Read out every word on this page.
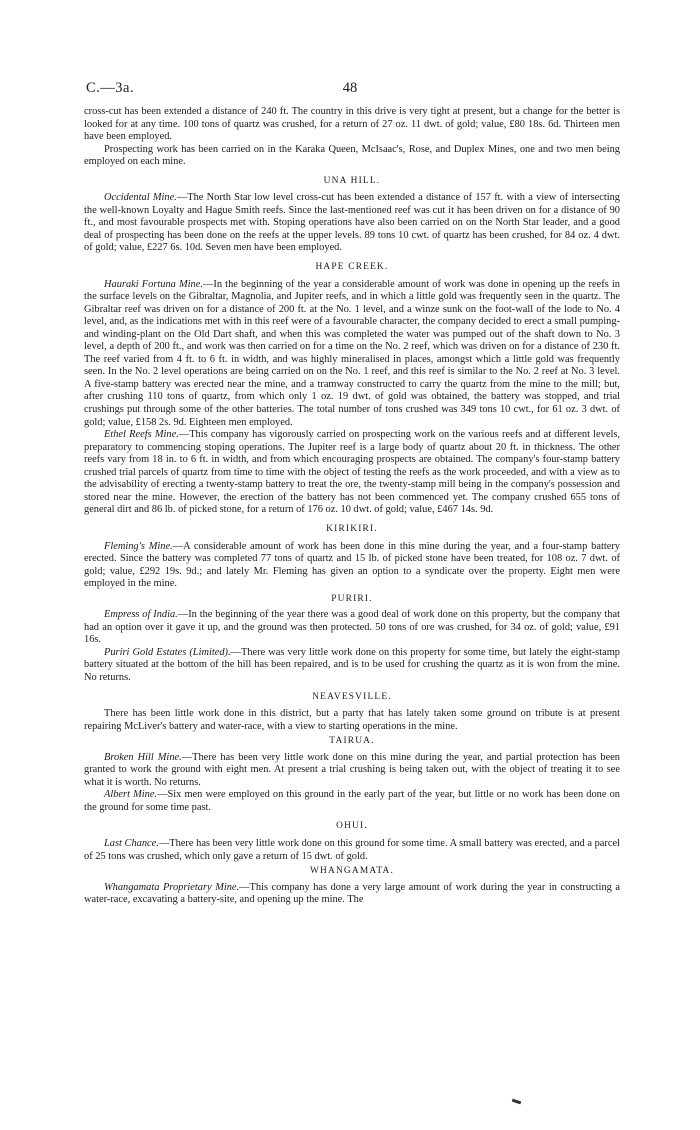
C.—3a.	48

cross-cut has been extended a distance of 240 ft. The country in this drive is very tight at present, but a change for the better is looked for at any time. 100 tons of quartz was crushed, for a return of 27 oz. 11 dwt. of gold; value, £80 18s. 6d. Thirteen men have been employed.

Prospecting work has been carried on in the Karaka Queen, McIsaac's, Rose, and Duplex Mines, one and two men being employed on each mine.

UNA HILL.

Occidental Mine.—The North Star low level cross-cut has been extended a distance of 157 ft. with a view of intersecting the well-known Loyalty and Hague Smith reefs. Since the last-mentioned reef was cut it has been driven on for a distance of 90 ft., and most favourable prospects met with. Stoping operations have also been carried on on the North Star leader, and a good deal of prospecting has been done on the reefs at the upper levels. 89 tons 10 cwt. of quartz has been crushed, for 84 oz. 4 dwt. of gold; value, £227 6s. 10d. Seven men have been employed.

HAPE CREEK.

Hauraki Fortuna Mine.—In the beginning of the year a considerable amount of work was done in opening up the reefs in the surface levels on the Gibraltar, Magnolia, and Jupiter reefs, and in which a little gold was frequently seen in the quartz. The Gibraltar reef was driven on for a distance of 200 ft. at the No. 1 level, and a winze sunk on the foot-wall of the lode to No. 4 level, and, as the indications met with in this reef were of a favourable character, the company decided to erect a small pumping- and winding-plant on the Old Dart shaft, and when this was completed the water was pumped out of the shaft down to No. 3 level, a depth of 200 ft., and work was then carried on for a time on the No. 2 reef, which was driven on for a distance of 230 ft. The reef varied from 4 ft. to 6 ft. in width, and was highly mineralised in places, amongst which a little gold was frequently seen. In the No. 2 level operations are being carried on on the No. 1 reef, and this reef is similar to the No. 2 reef at No. 3 level. A five-stamp battery was erected near the mine, and a tramway constructed to carry the quartz from the mine to the mill; but, after crushing 110 tons of quartz, from which only 1 oz. 19 dwt. of gold was obtained, the battery was stopped, and trial crushings put through some of the other batteries. The total number of tons crushed was 349 tons 10 cwt., for 61 oz. 3 dwt. of gold; value, £158 2s. 9d. Eighteen men employed.

Ethel Reefs Mine.—This company has vigorously carried on prospecting work on the various reefs and at different levels, preparatory to commencing stoping operations. The Jupiter reef is a large body of quartz about 20 ft. in thickness. The other reefs vary from 18 in. to 6 ft. in width, and from which encouraging prospects are obtained. The company's four-stamp battery crushed trial parcels of quartz from time to time with the object of testing the reefs as the work proceeded, and with a view as to the advisability of erecting a twenty-stamp battery to treat the ore, the twenty-stamp mill being in the company's possession and stored near the mine. However, the erection of the battery has not been commenced yet. The company crushed 655 tons of general dirt and 86 lb. of picked stone, for a return of 176 oz. 10 dwt. of gold; value, £467 14s. 9d.

KIRIKIRI.

Fleming's Mine.—A considerable amount of work has been done in this mine during the year, and a four-stamp battery erected. Since the battery was completed 77 tons of quartz and 15 lb. of picked stone have been treated, for 108 oz. 7 dwt. of gold; value, £292 19s. 9d.; and lately Mr. Fleming has given an option to a syndicate over the property. Eight men were employed in the mine.

PURIRI.

Empress of India.—In the beginning of the year there was a good deal of work done on this property, but the company that had an option over it gave it up, and the ground was then protected. 50 tons of ore was crushed, for 34 oz. of gold; value, £91 16s.

Puriri Gold Estates (Limited).—There was very little work done on this property for some time, but lately the eight-stamp battery situated at the bottom of the hill has been repaired, and is to be used for crushing the quartz as it is won from the mine. No returns.

NEAVESVILLE.

There has been little work done in this district, but a party that has lately taken some ground on tribute is at present repairing McLiver's battery and water-race, with a view to starting operations in the mine.

TAIRUA.

Broken Hill Mine.—There has been very little work done on this mine during the year, and partial protection has been granted to work the ground with eight men. At present a trial crushing is being taken out, with the object of treating it to see what it is worth. No returns.

Albert Mine.—Six men were employed on this ground in the early part of the year, but little or no work has been done on the ground for some time past.

OHUI.

Last Chance.—There has been very little work done on this ground for some time. A small battery was erected, and a parcel of 25 tons was crushed, which only gave a return of 15 dwt. of gold.

WHANGAMATA.

Whangamata Proprietary Mine.—This company has done a very large amount of work during the year in constructing a water-race, excavating a battery-site, and opening up the mine. The
